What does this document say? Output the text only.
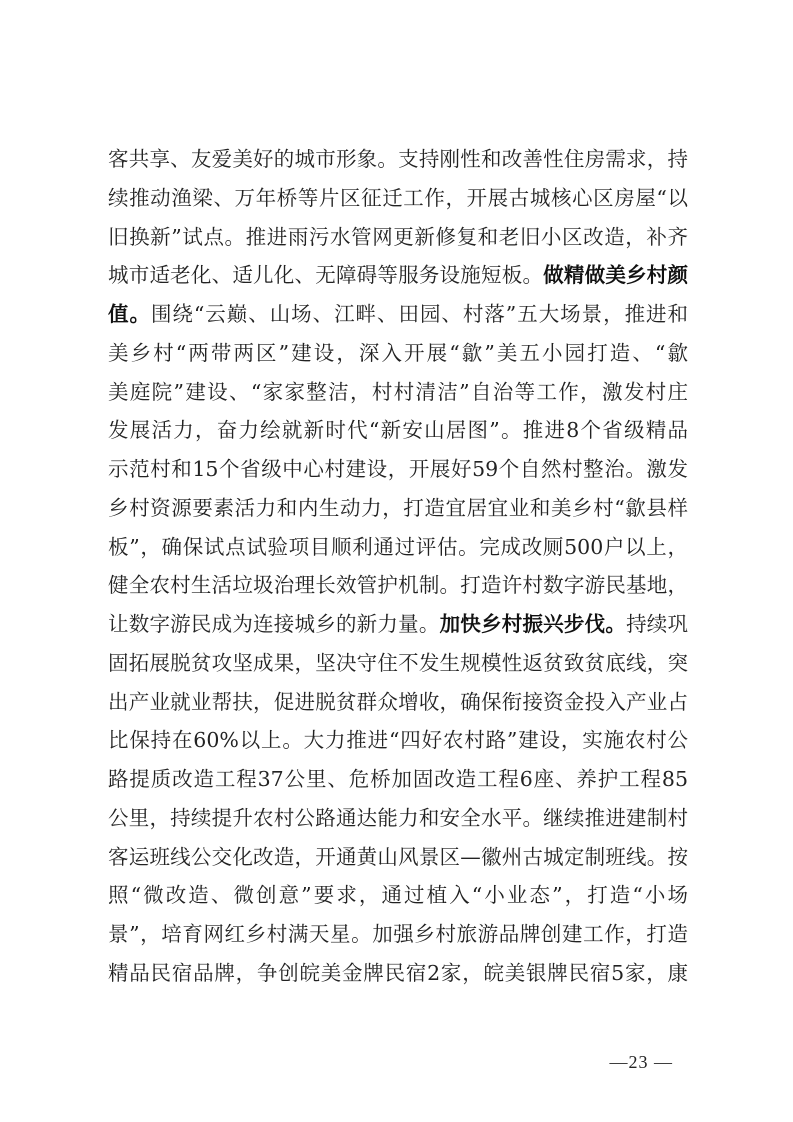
客共享、友爱美好的城市形象。支持刚性和改善性住房需求，持
续推动渔梁、万年桥等片区征迁工作，开展古城核心区房屋“以
旧换新”试点。推进雨污水管网更新修复和老旧小区改造，补齐
城市适老化、适儿化、无障碍等服务设施短板。做精做美乡村颜
值。围绕“云巅、山场、江畔、田园、村落”五大场景，推进和
美乡村“两带两区”建设，深入开展“歙”美五小园打造、“歙
美庭院”建设、“家家整洁，村村清洁”自治等工作，激发村庄
发展活力，奋力绘就新时代“新安山居图”。推进8个省级精品
示范村和15个省级中心村建设，开展好59个自然村整治。激发
乡村资源要素活力和内生动力，打造宜居宜业和美乡村“歙县样
板”，确保试点试验项目顺利通过评估。完成改厕500户以上，
健全农村生活垃圾治理长效管护机制。打造许村数字游民基地，
让数字游民成为连接城乡的新力量。加快乡村振兴步伐。持续巩
固拓展脱贫攻坚成果，坚决守住不发生规模性返贫致贫底线，突
出产业就业帮扶，促进脱贫群众增收，确保衔接资金投入产业占
比保持在60%以上。大力推进“四好农村路”建设，实施农村公
路提质改造工程37公里、危桥加固改造工程6座、养护工程85
公里，持续提升农村公路通达能力和安全水平。继续推进建制村
客运班线公交化改造，开通黄山风景区—徽州古城定制班线。按
照“微改造、微创意”要求，通过植入“小业态”，打造“小场
景”，培育网红乡村满天星。加强乡村旅游品牌创建工作，打造
精品民宿品牌，争创皖美金牌民宿2家，皖美银牌民宿5家，康
—23 —
